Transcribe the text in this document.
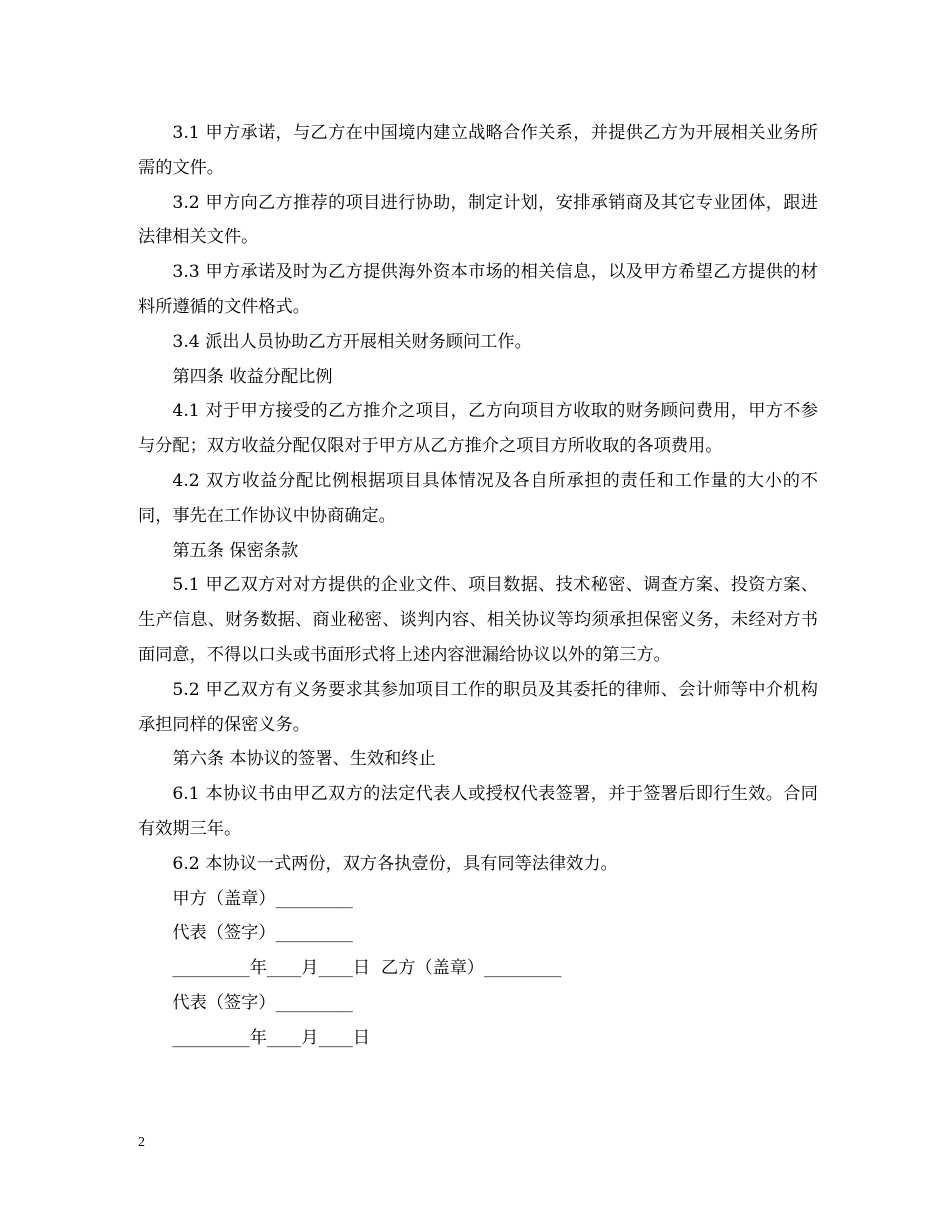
3.1 甲方承诺，与乙方在中国境内建立战略合作关系，并提供乙方为开展相关业务所需的文件。

3.2 甲方向乙方推荐的项目进行协助，制定计划，安排承销商及其它专业团体，跟进法律相关文件。

3.3 甲方承诺及时为乙方提供海外资本市场的相关信息，以及甲方希望乙方提供的材料所遵循的文件格式。

3.4 派出人员协助乙方开展相关财务顾问工作。

第四条 收益分配比例

4.1 对于甲方接受的乙方推介之项目，乙方向项目方收取的财务顾问费用，甲方不参与分配；双方收益分配仅限对于甲方从乙方推介之项目方所收取的各项费用。

4.2 双方收益分配比例根据项目具体情况及各自所承担的责任和工作量的大小的不同，事先在工作协议中协商确定。

第五条 保密条款

5.1 甲乙双方对对方提供的企业文件、项目数据、技术秘密、调查方案、投资方案、生产信息、财务数据、商业秘密、谈判内容、相关协议等均须承担保密义务，未经对方书面同意，不得以口头或书面形式将上述内容泄漏给协议以外的第三方。

5.2 甲乙双方有义务要求其参加项目工作的职员及其委托的律师、会计师等中介机构承担同样的保密义务。

第六条 本协议的签署、生效和终止

6.1 本协议书由甲乙双方的法定代表人或授权代表签署，并于签署后即行生效。合同有效期三年。

6.2 本协议一式两份，双方各执壹份，具有同等法律效力。

甲方（盖章）_________

代表（签字）_________

_________年____月____日  乙方（盖章）_________

代表（签字）_________

_________年____月____日

2
